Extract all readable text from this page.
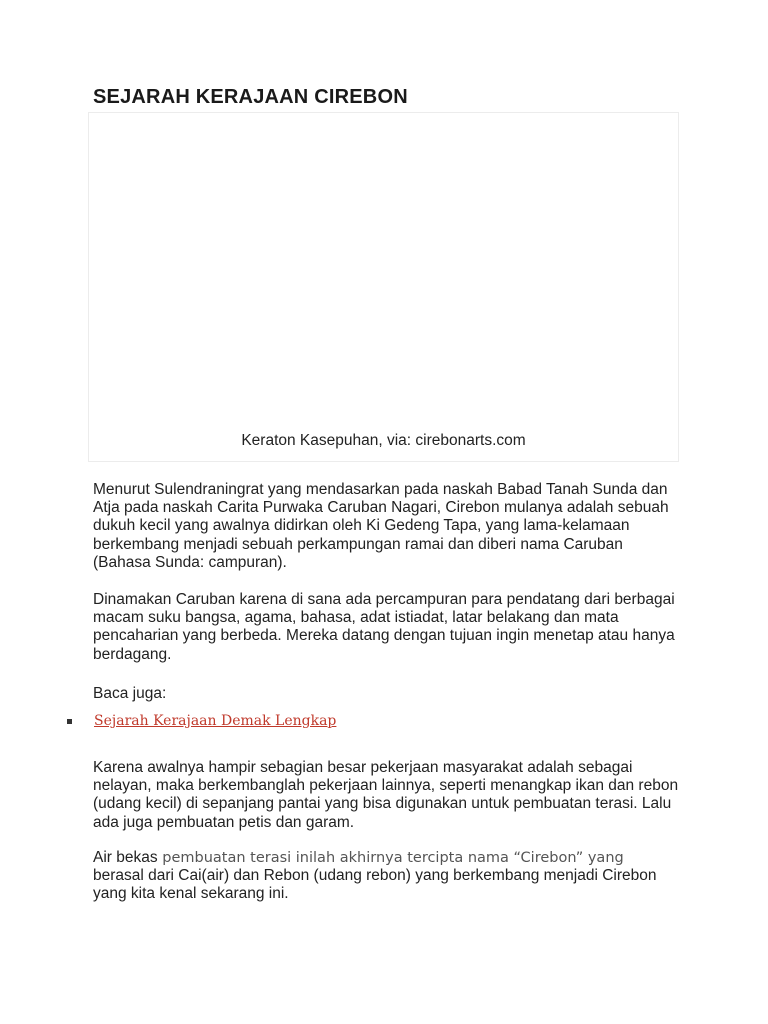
SEJARAH KERAJAAN CIREBON
Keraton Kasepuhan, via: cirebonarts.com

Menurut Sulendraningrat yang mendasarkan pada naskah Babad Tanah Sunda dan Atja pada naskah Carita Purwaka Caruban Nagari, Cirebon mulanya adalah sebuah dukuh kecil yang awalnya didirkan oleh Ki Gedeng Tapa, yang lama-kelamaan berkembang menjadi sebuah perkampungan ramai dan diberi nama Caruban (Bahasa Sunda: campuran).

Dinamakan Caruban karena di sana ada percampuran para pendatang dari berbagai macam suku bangsa, agama, bahasa, adat istiadat, latar belakang dan mata pencaharian yang berbeda. Mereka datang dengan tujuan ingin menetap atau hanya berdagang.

Baca juga:
Sejarah Kerajaan Demak Lengkap

Karena awalnya hampir sebagian besar pekerjaan masyarakat adalah sebagai nelayan, maka berkembanglah pekerjaan lainnya, seperti menangkap ikan dan rebon (udang kecil) di sepanjang pantai yang bisa digunakan untuk pembuatan terasi. Lalu ada juga pembuatan petis dan garam.

Air bekas pembuatan terasi inilah akhirnya tercipta nama “Cirebon” yang
berasal dari Cai(air) dan Rebon (udang rebon) yang berkembang menjadi Cirebon yang kita kenal sekarang ini.
